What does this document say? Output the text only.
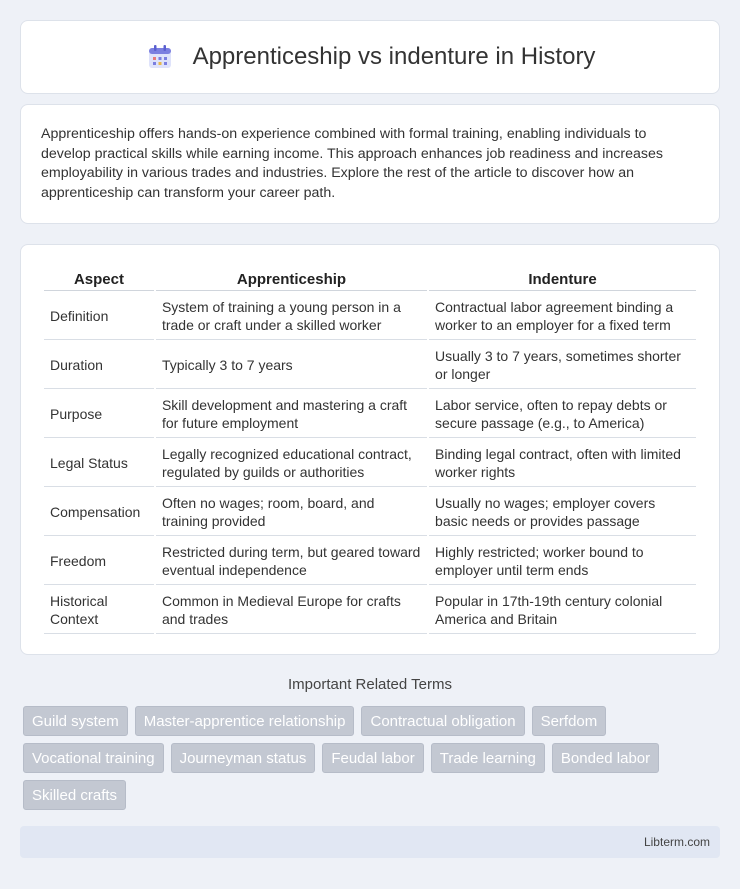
Apprenticeship vs indenture in History

Apprenticeship offers hands-on experience combined with formal training, enabling individuals to develop practical skills while earning income. This approach enhances job readiness and increases employability in various trades and industries. Explore the rest of the article to discover how an apprenticeship can transform your career path.

Aspect	Apprenticeship	Indenture
Definition	System of training a young person in a trade or craft under a skilled worker	Contractual labor agreement binding a worker to an employer for a fixed term
Duration	Typically 3 to 7 years	Usually 3 to 7 years, sometimes shorter or longer
Purpose	Skill development and mastering a craft for future employment	Labor service, often to repay debts or secure passage (e.g., to America)
Legal Status	Legally recognized educational contract, regulated by guilds or authorities	Binding legal contract, often with limited worker rights
Compensation	Often no wages; room, board, and training provided	Usually no wages; employer covers basic needs or provides passage
Freedom	Restricted during term, but geared toward eventual independence	Highly restricted; worker bound to employer until term ends
Historical Context	Common in Medieval Europe for crafts and trades	Popular in 17th-19th century colonial America and Britain
Important Related Terms
Guild system	Master-apprentice relationship	Contractual obligation	Serfdom
Vocational training	Journeyman status	Feudal labor	Trade learning	Bonded labor
Skilled crafts
Libterm.com
